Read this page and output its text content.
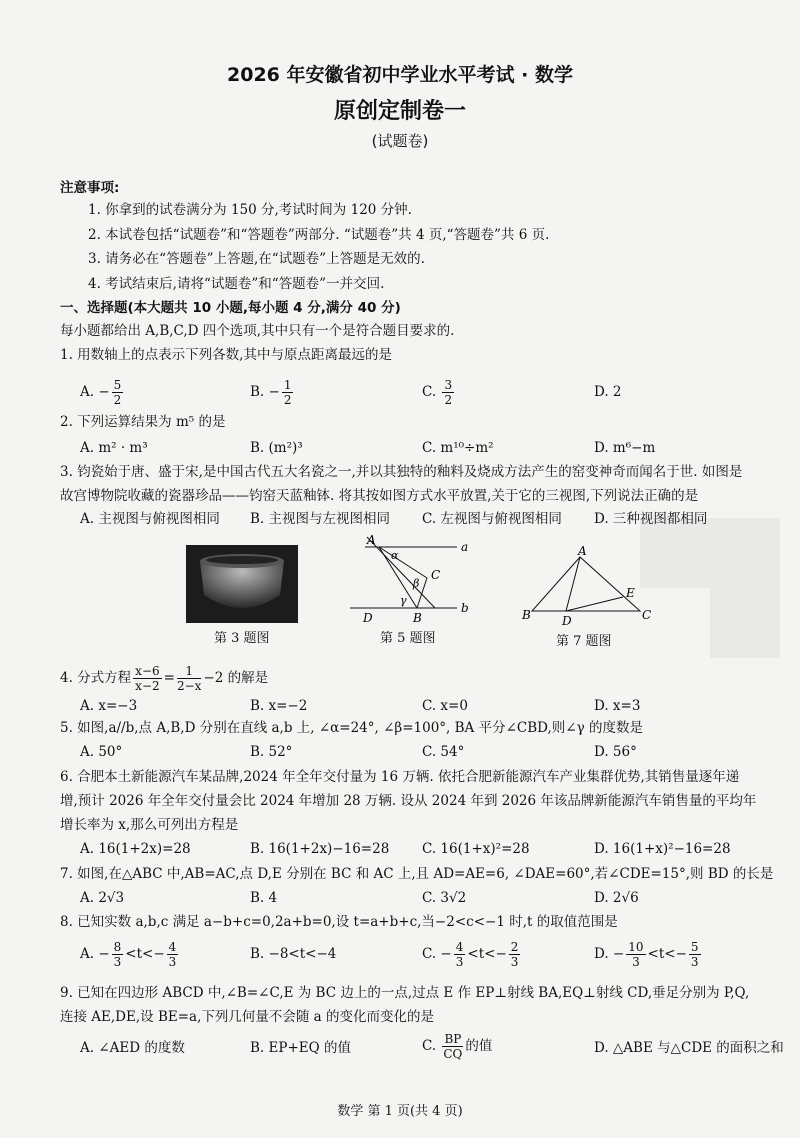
2026 年安徽省初中学业水平考试 · 数学
原创定制卷一
(试题卷)
注意事项:
1. 你拿到的试卷满分为 150 分,考试时间为 120 分钟.
2. 本试卷包括“试题卷”和“答题卷”两部分. “试题卷”共 4 页,“答题卷”共 6 页.
3. 请务必在“答题卷”上答题,在“试题卷”上答题是无效的.
4. 考试结束后,请将“试题卷”和“答题卷”一并交回.
一、选择题(本大题共 10 小题,每小题 4 分,满分 40 分)
每小题都给出 A,B,C,D 四个选项,其中只有一个是符合题目要求的.
1. 用数轴上的点表示下列各数,其中与原点距离最远的是
A. − $\frac{5}{2}$	B. − $\frac{1}{2}$	C. $\frac{3}{2}$	D. 2
2. 下列运算结果为 m⁵ 的是
A. m² · m³	B. (m²)³	C. m¹⁰÷m²	D. m⁶−m
3. 钧瓷始于唐、盛于宋,是中国古代五大名瓷之一,并以其独特的釉料及烧成方法产生的窑变神奇而闻名于世. 如图是
故宫博物院收藏的瓷器珍品——钧窑天蓝釉钵. 将其按如图方式水平放置,关于它的三视图,下列说法正确的是
A. 主视图与俯视图相同 B. 主视图与左视图相同 C. 左视图与俯视图相同 D. 三种视图都相同
第 3 题图
A	a
α
C
β
γ
D	B
b
第 5 题图
A
B	D
E
C
第 7 题图
4. 分式方程 $\frac{x-6}{x-2} = \frac{1}{2-x} -2$ 的解是
A. x=−3	B. x=−2	C. x=0	D. x=3
5. 如图,a//b,点 A,B,D 分别在直线 a,b 上, ∠α=24°, ∠β=100°, BA 平分∠CBD,则∠γ 的度数是
A. 50°	B. 52°	C. 54°	D. 56°
6. 合肥本土新能源汽车某品牌,2024 年全年交付量为 16 万辆. 依托合肥新能源汽车产业集群优势,其销售量逐年递
增,预计 2026 年全年交付量会比 2024 年增加 28 万辆. 设从 2024 年到 2026 年该品牌新能源汽车销售量的平均年
增长率为 x,那么可列出方程是
A. 16(1+2x)=28	B. 16(1+2x)−16=28 C. 16(1+x)²=28	D. 16(1+x)²−16=28
7. 如图,在△ABC 中,AB=AC,点 D,E 分别在 BC 和 AC 上,且 AD=AE=6, ∠DAE=60°,若∠CDE=15°,则 BD 的长是
A. 2√3	B. 4	C. 3√2	D. 2√6
8. 已知实数 a,b,c 满足 a−b+c=0,2a+b=0,设 t=a+b+c,当−2<c<−1 时,t 的取值范围是
A. − $\frac{8}{3} <t<- \frac{4}{3}$	B. −8<t<−4	C. − $\frac{4}{3} <t<- \frac{2}{3}$	D. − $\frac{10}{3} <t<- \frac{5}{3}$
9. 已知在四边形 ABCD 中,∠B=∠C,E 为 BC 边上的一点,过点 E 作 EP⊥射线 BA,EQ⊥射线 CD,垂足分别为 P,Q,
连接 AE,DE,设 BE=a,下列几何量不会随 a 的变化而变化的是
A. ∠AED 的度数	B. EP+EQ 的值	C. $\frac{BP}{CQ}$ 的值	D. △ABE 与△CDE 的面积之和
数学 第 1 页(共 4 页)
